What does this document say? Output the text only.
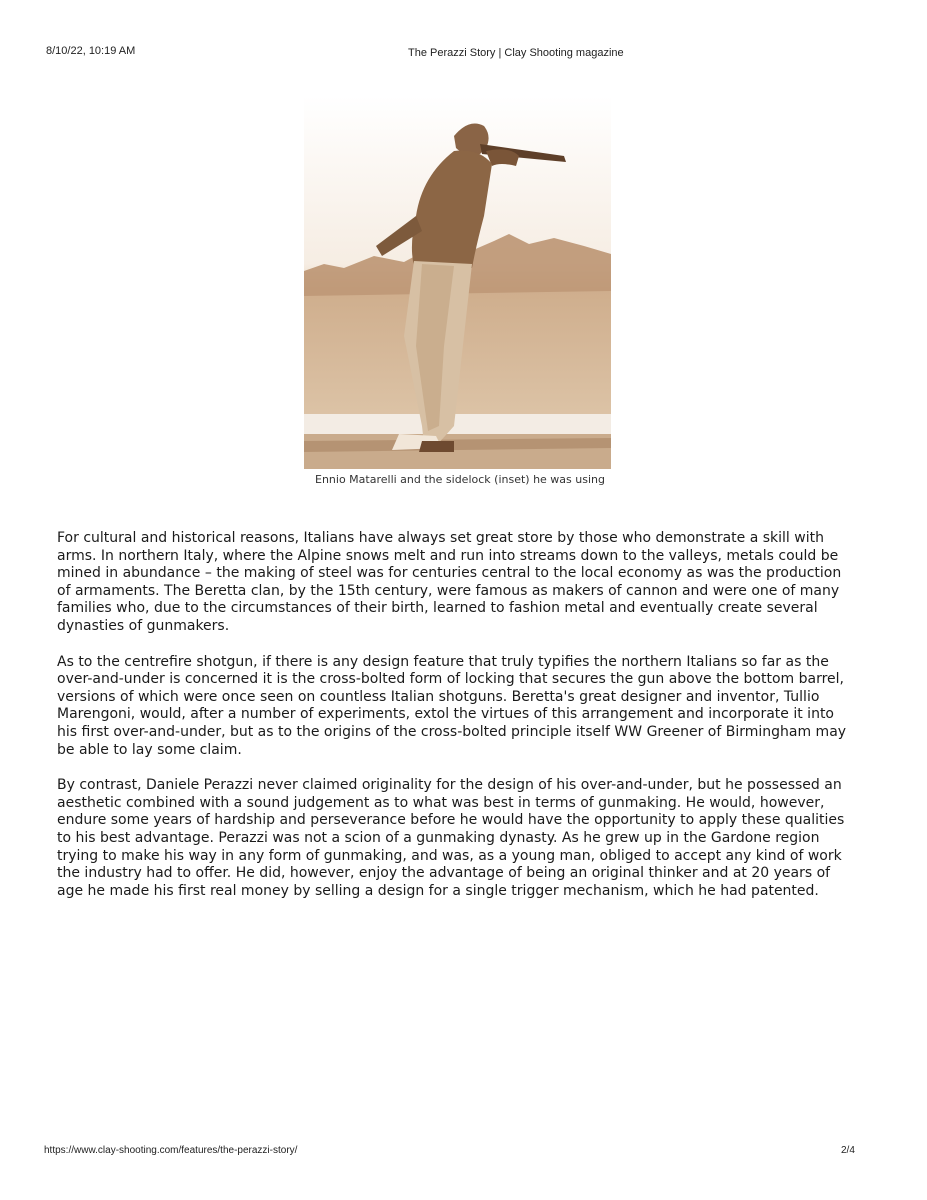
8/10/22, 10:19 AM	The Perazzi Story | Clay Shooting magazine
Ennio Matarelli and the sidelock (inset) he was using

For cultural and historical reasons, Italians have always set great store by those who demonstrate a skill with arms. In northern Italy, where the Alpine snows melt and run into streams down to the valleys, metals could be mined in abundance – the making of steel was for centuries central to the local economy as was the production of armaments. The Beretta clan, by the 15th century, were famous as makers of cannon and were one of many families who, due to the circumstances of their birth, learned to fashion metal and eventually create several dynasties of gunmakers.

As to the centrefire shotgun, if there is any design feature that truly typifies the northern Italians so far as the over-and-under is concerned it is the cross-bolted form of locking that secures the gun above the bottom barrel, versions of which were once seen on countless Italian shotguns. Beretta's great designer and inventor, Tullio Marengoni, would, after a number of experiments, extol the virtues of this arrangement and incorporate it into his first over-and-under, but as to the origins of the cross-bolted principle itself WW Greener of Birmingham may be able to lay some claim.

By contrast, Daniele Perazzi never claimed originality for the design of his over-and-under, but he possessed an aesthetic combined with a sound judgement as to what was best in terms of gunmaking. He would, however, endure some years of hardship and perseverance before he would have the opportunity to apply these qualities to his best advantage. Perazzi was not a scion of a gunmaking dynasty. As he grew up in the Gardone region trying to make his way in any form of gunmaking, and was, as a young man, obliged to accept any kind of work the industry had to offer. He did, however, enjoy the advantage of being an original thinker and at 20 years of age he made his first real money by selling a design for a single trigger mechanism, which he had patented.

https://www.clay-shooting.com/features/the-perazzi-story/	2/4
